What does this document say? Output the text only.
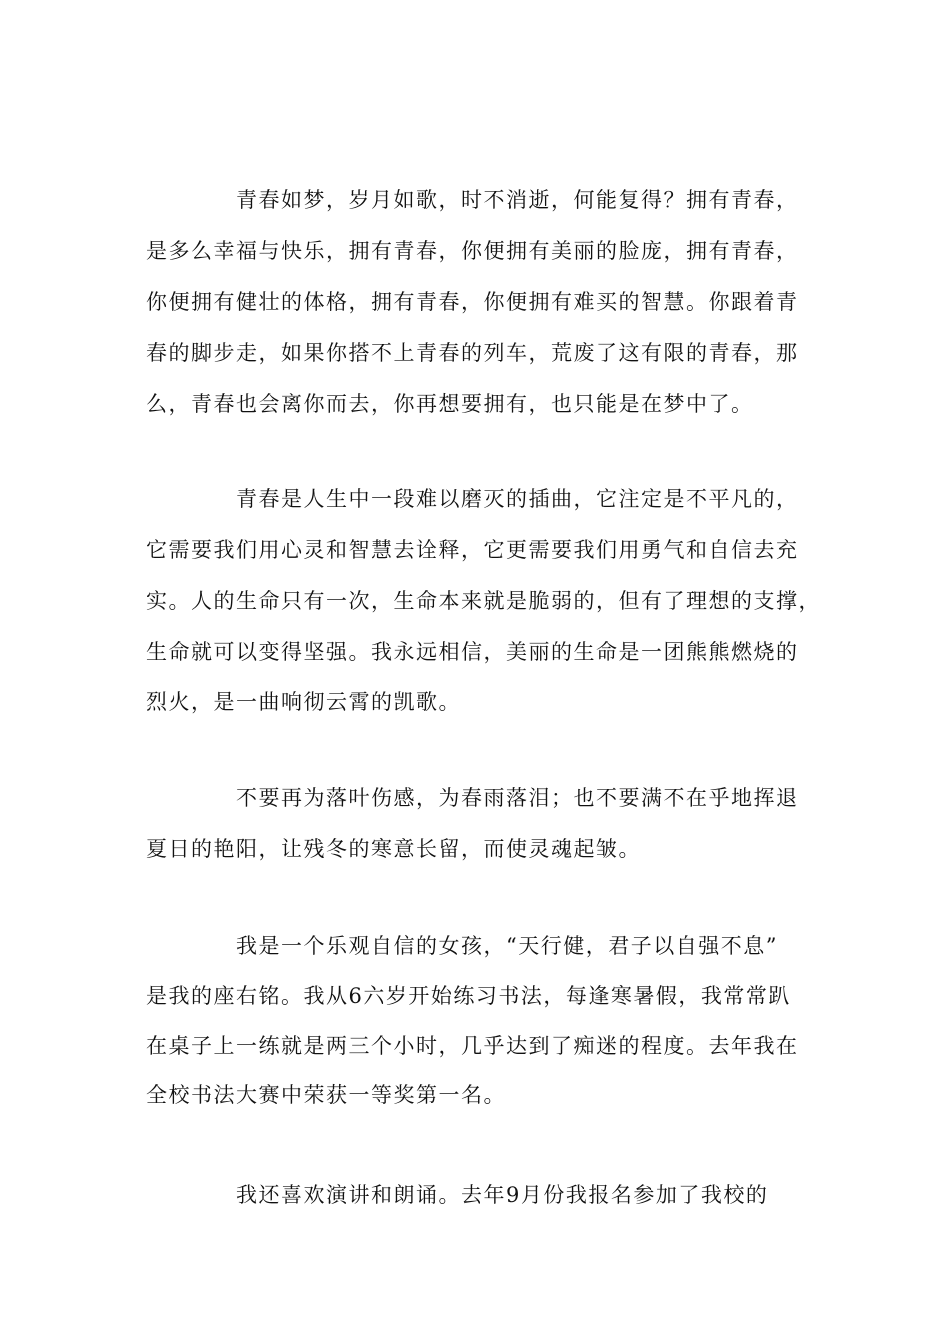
青春如梦，岁月如歌，时不消逝，何能复得？拥有青春，
是多么幸福与快乐，拥有青春，你便拥有美丽的脸庞，拥有青春，
你便拥有健壮的体格，拥有青春，你便拥有难买的智慧。你跟着青
春的脚步走，如果你搭不上青春的列车，荒废了这有限的青春，那
么，青春也会离你而去，你再想要拥有，也只能是在梦中了。
青春是人生中一段难以磨灭的插曲，它注定是不平凡的，
它需要我们用心灵和智慧去诠释，它更需要我们用勇气和自信去充
实。人的生命只有一次，生命本来就是脆弱的，但有了理想的支撑，
生命就可以变得坚强。我永远相信，美丽的生命是一团熊熊燃烧的
烈火，是一曲响彻云霄的凯歌。
不要再为落叶伤感，为春雨落泪；也不要满不在乎地挥退
夏日的艳阳，让残冬的寒意长留，而使灵魂起皱。
我是一个乐观自信的女孩，“天行健，君子以自强不息”
是我的座右铭。我从6六岁开始练习书法，每逢寒暑假，我常常趴
在桌子上一练就是两三个小时，几乎达到了痴迷的程度。去年我在
全校书法大赛中荣获一等奖第一名。
我还喜欢演讲和朗诵。去年9月份我报名参加了我校的
